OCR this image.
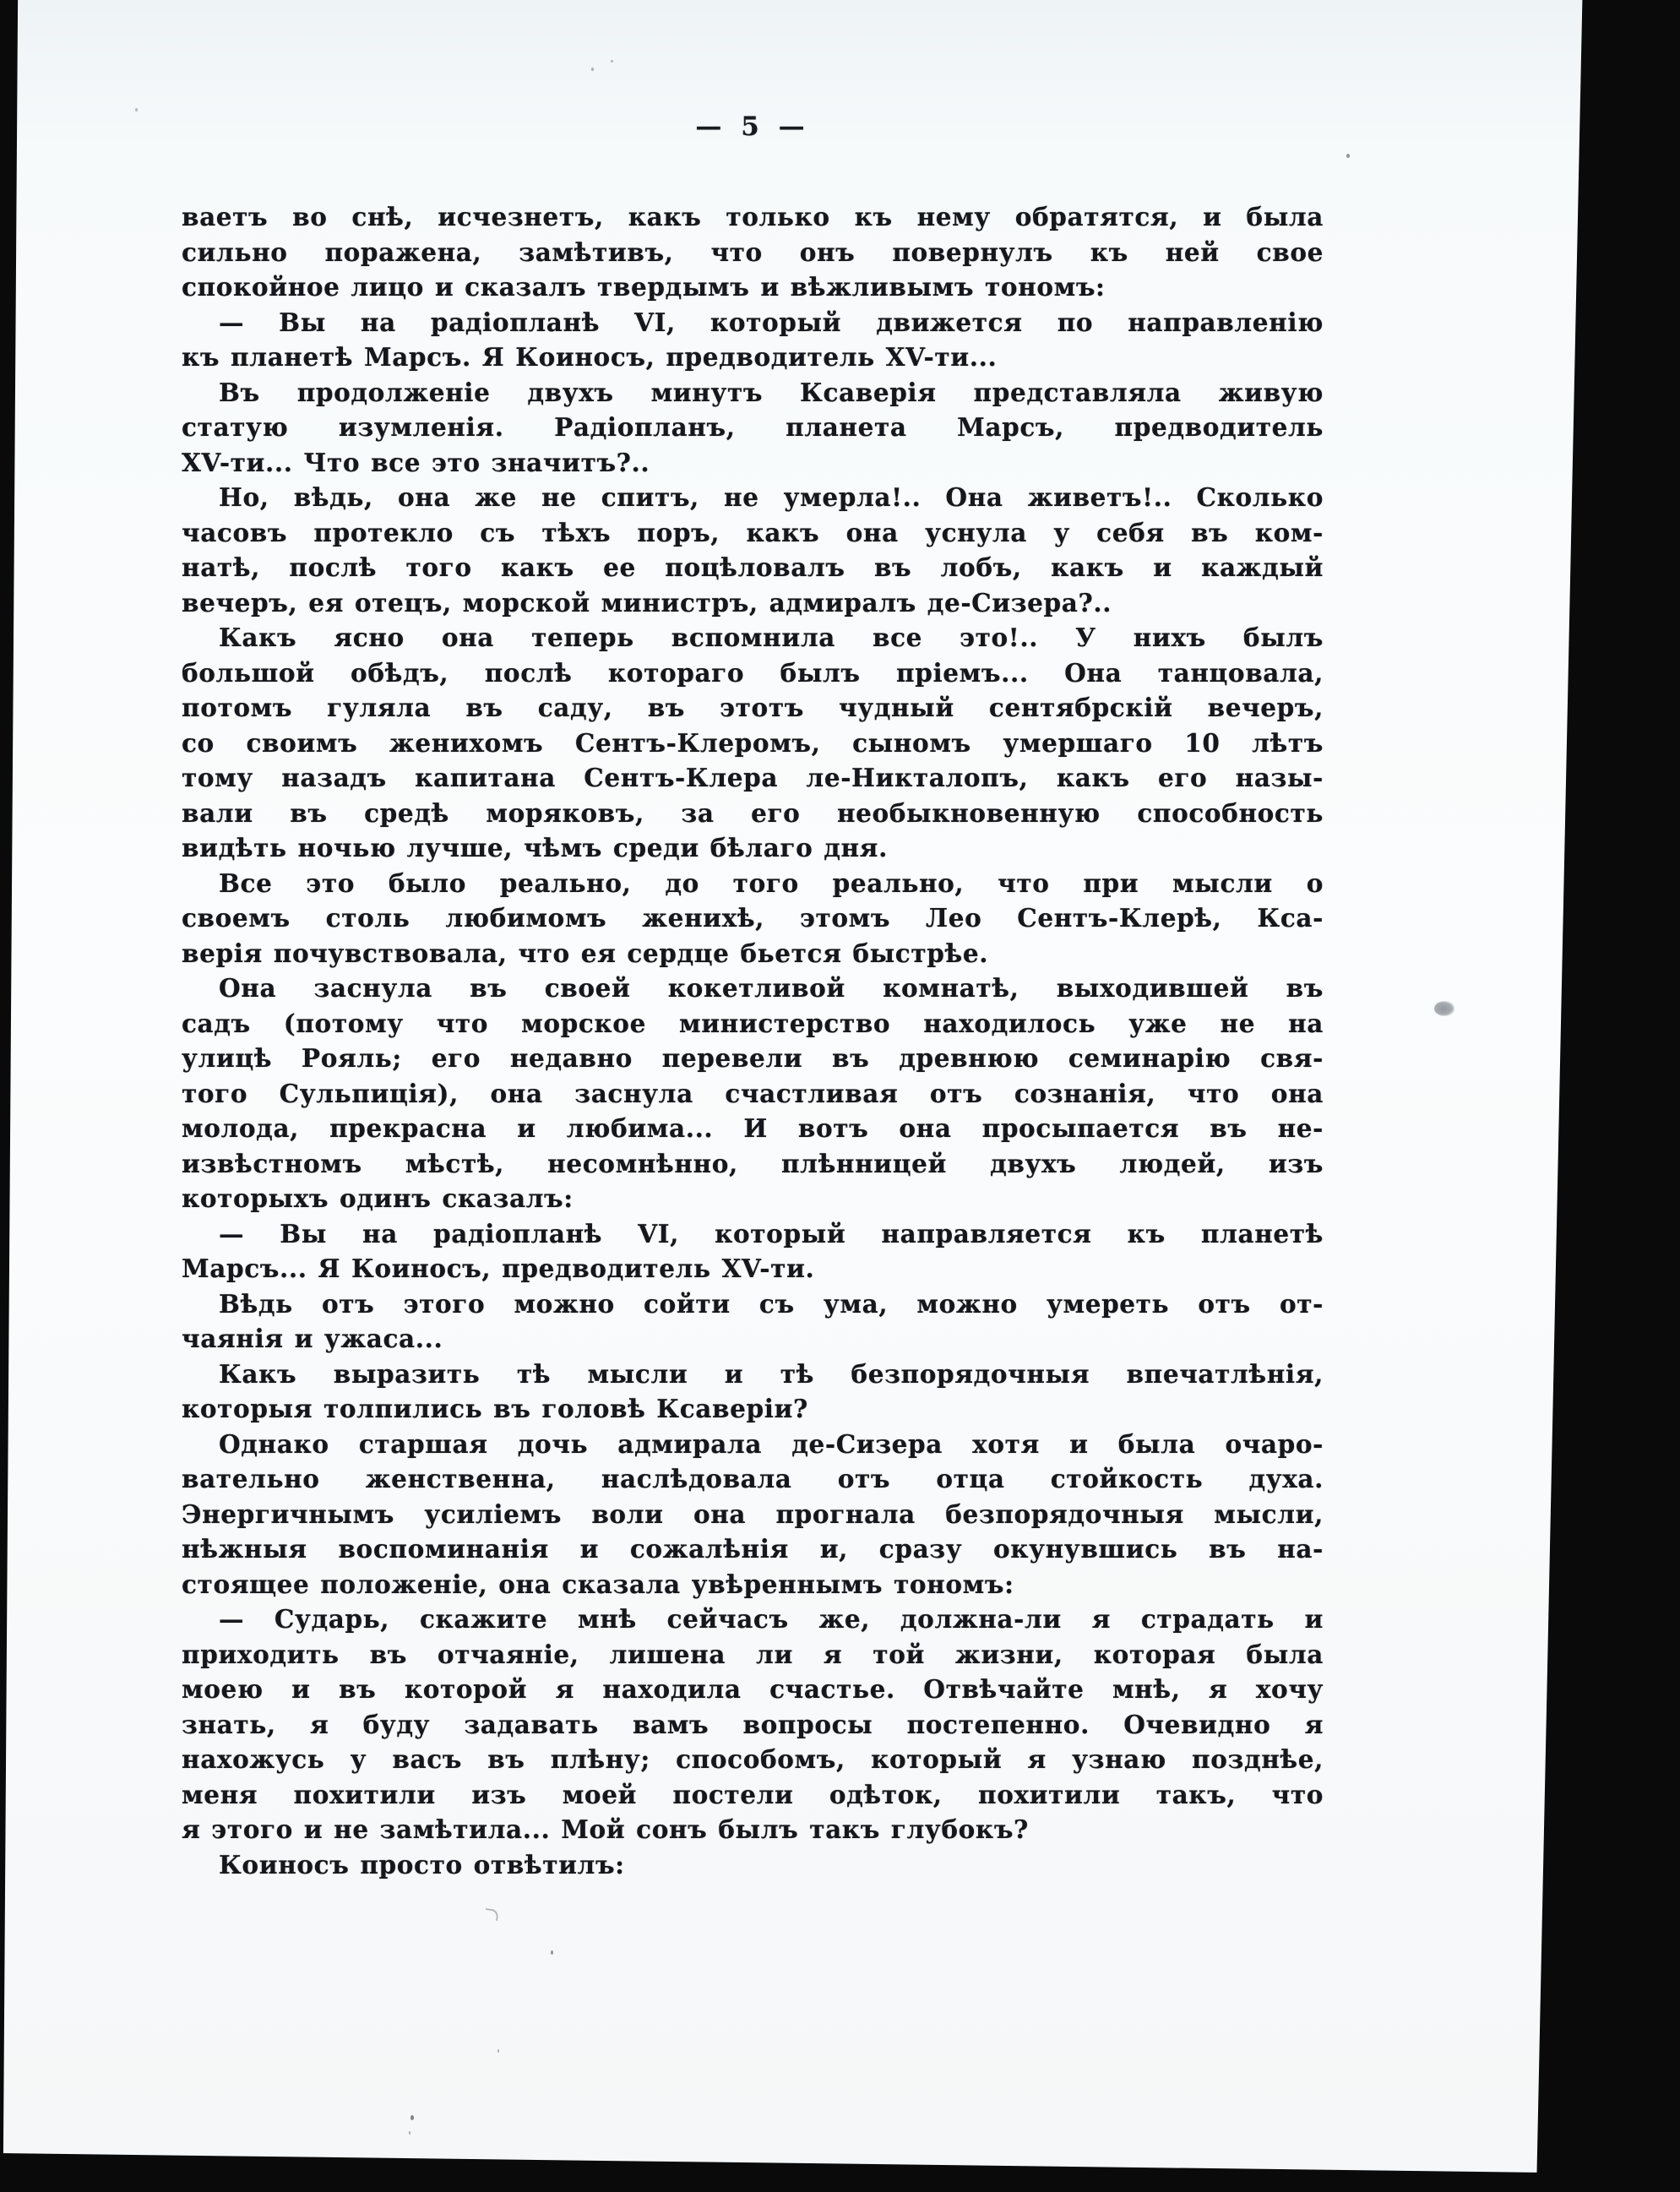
— 5 —
ваетъ во снѣ, исчезнетъ, какъ только къ нему обратятся, и была
сильно поражена, замѣтивъ, что онъ повернулъ къ ней свое
спокойное лицо и сказалъ твердымъ и вѣжливымъ тономъ:
— Вы на радіопланѣ VI, который движется по направленію
къ планетѣ Марсъ. Я Коиносъ, предводитель XV-ти...
Въ продолженіе двухъ минутъ Ксаверія представляла живую
статую изумленія. Радіопланъ, планета Марсъ, предводитель
XV-ти... Что все это значитъ?..
Но, вѣдь, она же не спитъ, не умерла!.. Она живетъ!.. Сколько
часовъ протекло съ тѣхъ поръ, какъ она уснула у себя въ ком-
натѣ, послѣ того какъ ее поцѣловалъ въ лобъ, какъ и каждый
вечеръ, ея отецъ, морской министръ, адмиралъ де-Сизера?..
Какъ ясно она теперь вспомнила все это!.. У нихъ былъ
большой обѣдъ, послѣ котораго былъ пріемъ... Она танцовала,
потомъ гуляла въ саду, въ этотъ чудный сентябрскій вечеръ,
со своимъ женихомъ Сентъ-Клеромъ, сыномъ умершаго 10 лѣтъ
тому назадъ капитана Сентъ-Клера ле-Никталопъ, какъ его назы-
вали въ средѣ моряковъ, за его необыкновенную способность
видѣть ночью лучше, чѣмъ среди бѣлаго дня.
Все это было реально, до того реально, что при мысли о
своемъ столь любимомъ женихѣ, этомъ Лео Сентъ-Клерѣ, Кса-
верія почувствовала, что ея сердце бьется быстрѣе.
Она заснула въ своей кокетливой комнатѣ, выходившей въ
садъ (потому что морское министерство находилось уже не на
улицѣ Рояль; его недавно перевели въ древнюю семинарію свя-
того Сульпиція), она заснула счастливая отъ сознанія, что она
молода, прекрасна и любима... И вотъ она просыпается въ не-
извѣстномъ мѣстѣ, несомнѣнно, плѣнницей двухъ людей, изъ
которыхъ одинъ сказалъ:
— Вы на радіопланѣ VI, который направляется къ планетѣ
Марсъ... Я Коиносъ, предводитель XV-ти.
Вѣдь отъ этого можно сойти съ ума, можно умереть отъ от-
чаянія и ужаса...
Какъ выразить тѣ мысли и тѣ безпорядочныя впечатлѣнія,
которыя толпились въ головѣ Ксаверіи?
Однако старшая дочь адмирала де-Сизера хотя и была очаро-
вательно женственна, наслѣдовала отъ отца стойкость духа.
Энергичнымъ усиліемъ воли она прогнала безпорядочныя мысли,
нѣжныя воспоминанія и сожалѣнія и, сразу окунувшись въ на-
стоящее положеніе, она сказала увѣреннымъ тономъ:
— Сударь, скажите мнѣ сейчасъ же, должна-ли я страдать и
приходить въ отчаяніе, лишена ли я той жизни, которая была
моею и въ которой я находила счастье. Отвѣчайте мнѣ, я хочу
знать, я буду задавать вамъ вопросы постепенно. Очевидно я
нахожусь у васъ въ плѣну; способомъ, который я узнаю позднѣе,
меня похитили изъ моей постели одѣток, похитили такъ, что
я этого и не замѣтила... Мой сонъ былъ такъ глубокъ?
Коиносъ просто отвѣтилъ:
